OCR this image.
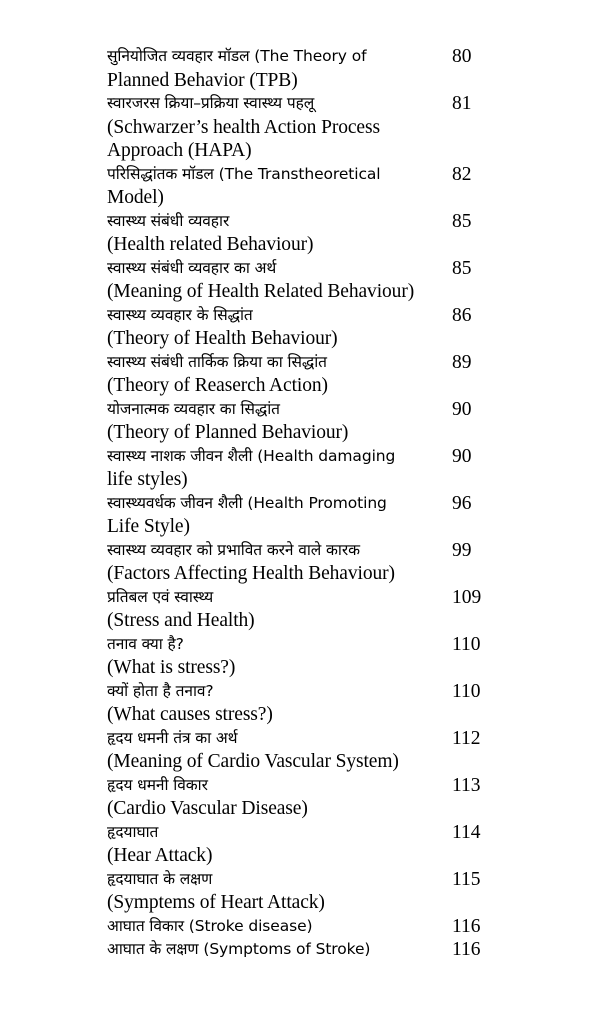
सुनियोजित व्यवहार मॉडल (The Theory of
Planned Behavior (TPB)
80
स्वारजरस क्रिया–प्रक्रिया स्वास्थ्य पहलू
(Schwarzer’s health Action Process
Approach (HAPA)
81
परिसिद्धांतक मॉडल (The Transtheoretical
Model)
82
स्वास्थ्य संबंधी व्यवहार
(Health related Behaviour)
85
स्वास्थ्य संबंधी व्यवहार का अर्थ
(Meaning of Health Related Behaviour)
85
स्वास्थ्य व्यवहार के सिद्धांत
(Theory of Health Behaviour)
86
स्वास्थ्य संबंधी तार्किक क्रिया का सिद्धांत
(Theory of Reaserch Action)
89
योजनात्मक व्यवहार का सिद्धांत
(Theory of Planned Behaviour)
90
स्वास्थ्य नाशक जीवन शैली (Health damaging
life styles)
90
स्वास्थ्यवर्धक जीवन शैली (Health Promoting
Life Style)
96
स्वास्थ्य व्यवहार को प्रभावित करने वाले कारक
(Factors Affecting Health Behaviour)
99
प्रतिबल एवं स्वास्थ्य
(Stress and Health)
109
तनाव क्या है?
(What is stress?)
110
क्यों होता है तनाव?
(What causes stress?)
110
हृदय धमनी तंत्र का अर्थ
(Meaning of Cardio Vascular System)
112
हृदय धमनी विकार
(Cardio Vascular Disease)
113
हृदयाघात
(Hear Attack)
114
हृदयाघात के लक्षण
(Symptems of Heart Attack)
115
आघात विकार (Stroke disease)	116
आघात के लक्षण (Symptoms of Stroke)	116
